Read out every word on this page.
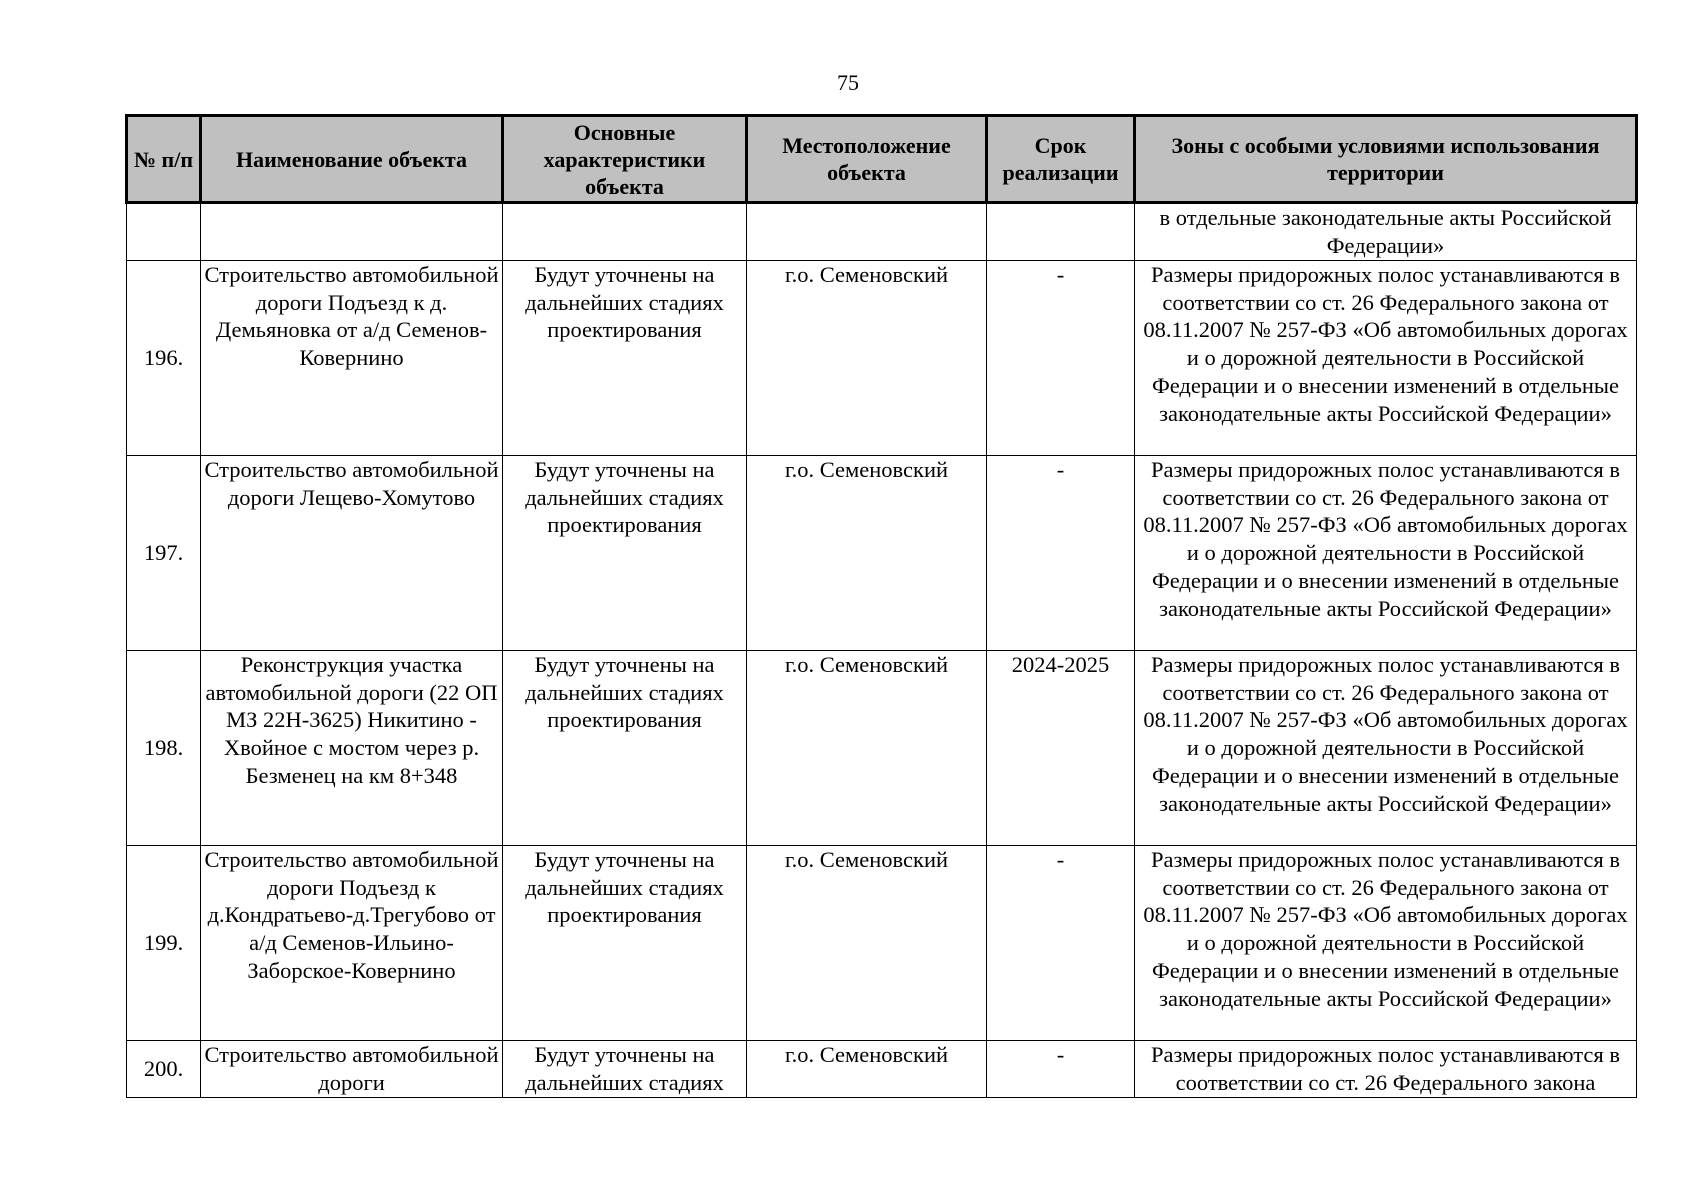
75
№ п/п	Наименование объекта	Основные характеристики объекта	Местоположение объекта	Срок реализации	Зоны с особыми условиями использования территории
					в отдельные законодательные акты Российской Федерации»
196.	Строительство автомобильной дороги Подъезд к д. Демьяновка от а/д Семенов-Ковернино	Будут уточнены на дальнейших стадиях проектирования	г.о. Семеновский	-	Размеры придорожных полос устанавливаются в соответствии со ст. 26 Федерального закона от 08.11.2007 № 257-ФЗ «Об автомобильных дорогах и о дорожной деятельности в Российской Федерации и о внесении изменений в отдельные законодательные акты Российской Федерации»
197.	Строительство автомобильной дороги Лещево-Хомутово	Будут уточнены на дальнейших стадиях проектирования	г.о. Семеновский	-	Размеры придорожных полос устанавливаются в соответствии со ст. 26 Федерального закона от 08.11.2007 № 257-ФЗ «Об автомобильных дорогах и о дорожной деятельности в Российской Федерации и о внесении изменений в отдельные законодательные акты Российской Федерации»
198.	Реконструкция участка автомобильной дороги (22 ОП МЗ 22Н-3625) Никитино - Хвойное с мостом через р. Безменец на км 8+348	Будут уточнены на дальнейших стадиях проектирования	г.о. Семеновский	2024-2025	Размеры придорожных полос устанавливаются в соответствии со ст. 26 Федерального закона от 08.11.2007 № 257-ФЗ «Об автомобильных дорогах и о дорожной деятельности в Российской Федерации и о внесении изменений в отдельные законодательные акты Российской Федерации»
199.	Строительство автомобильной дороги Подъезд к д.Кондратьево-д.Трегубово от а/д Семенов-Ильино- Заборское-Ковернино	Будут уточнены на дальнейших стадиях проектирования	г.о. Семеновский	-	Размеры придорожных полос устанавливаются в соответствии со ст. 26 Федерального закона от 08.11.2007 № 257-ФЗ «Об автомобильных дорогах и о дорожной деятельности в Российской Федерации и о внесении изменений в отдельные законодательные акты Российской Федерации»
200.	Строительство автомобильной дороги	Будут уточнены на дальнейших стадиях	г.о. Семеновский	-	Размеры придорожных полос устанавливаются в соответствии со ст. 26 Федерального закона
